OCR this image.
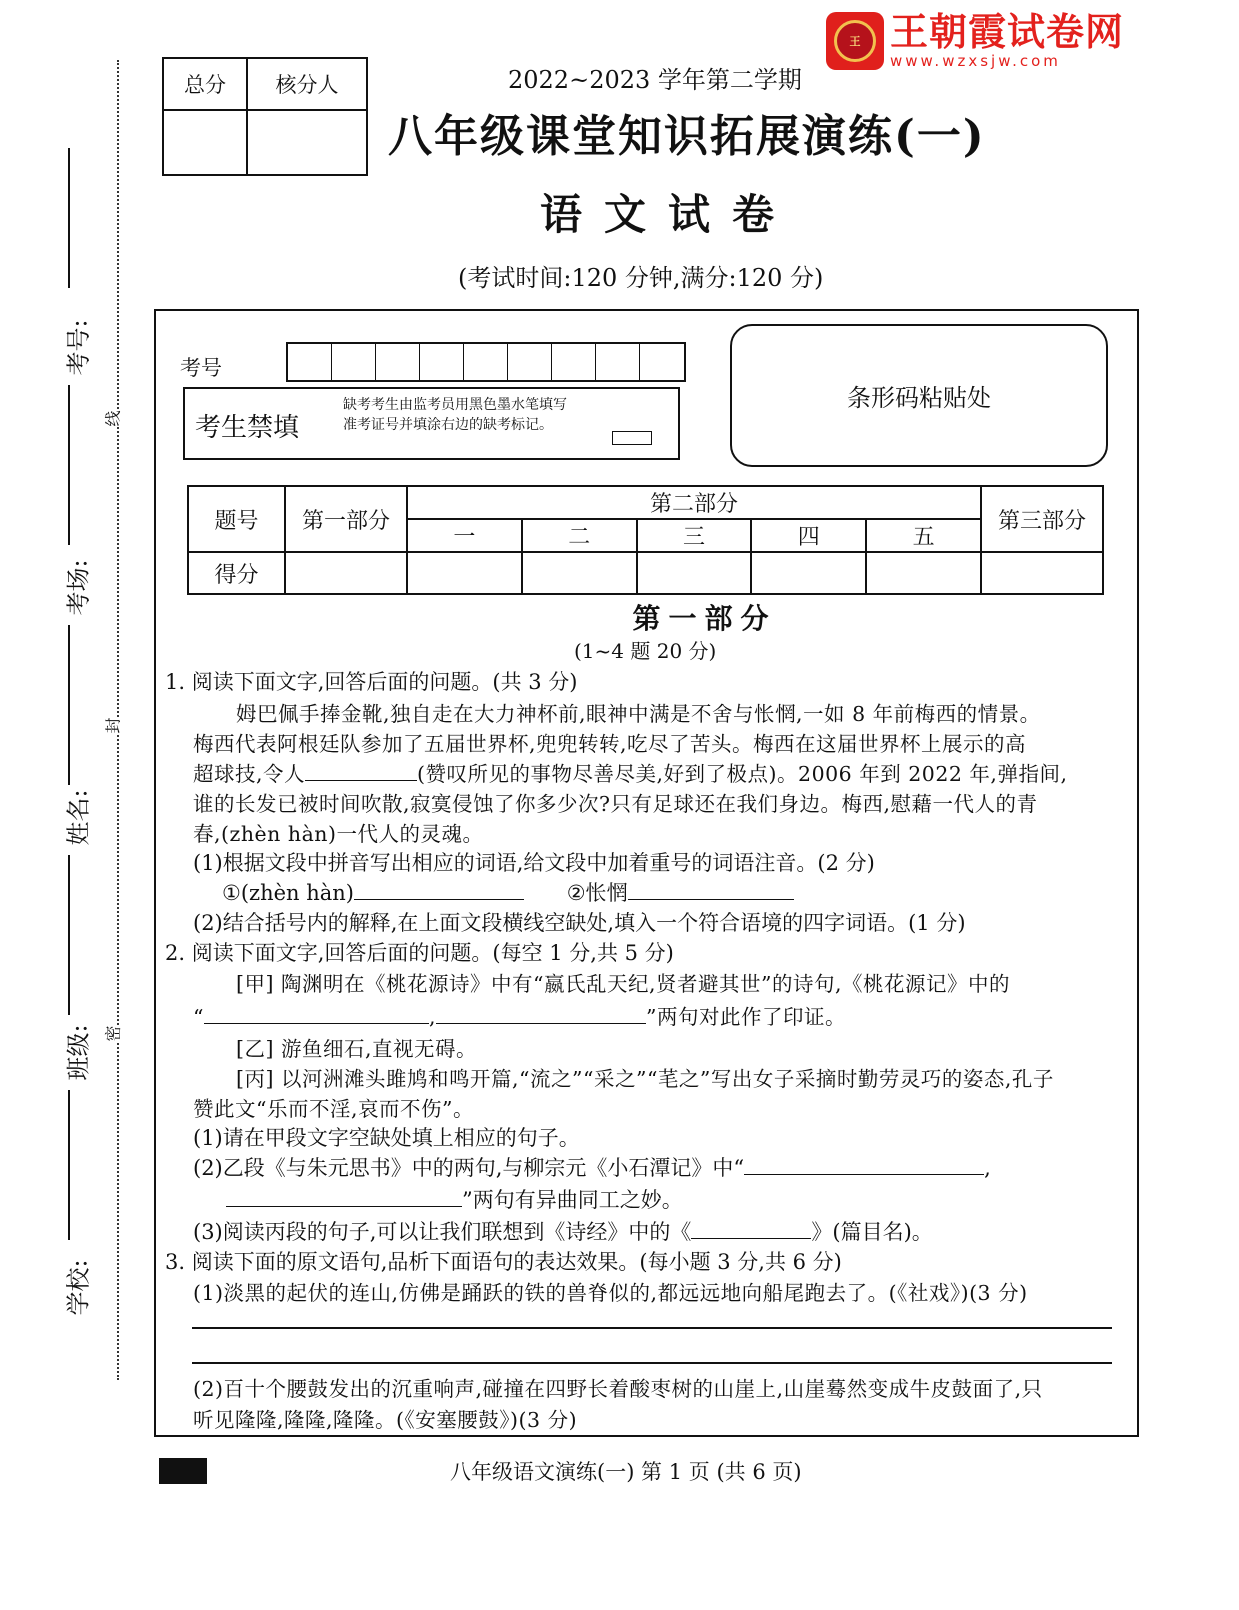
考号:
考场:
姓名:
班级:
学校:
线
封
密
王 王朝霞试卷网
www.wzxsjw.com
总分	核分人	2022~2023 学年第二学期
八年级课堂知识拓展演练(一)
语文试卷
(考试时间:120 分钟,满分:120 分)
考号
考生禁填
缺考考生由监考员用黑色墨水笔填写准考证号并填涂右边的缺考标记。
条形码粘贴处
题号	第一部分	第二部分					第三部分
		一	二	三	四	五	
得分							
第一部分
(1~4 题 20 分)
1. 阅读下面文字,回答后面的问题。(共 3 分)
姆巴佩手捧金靴,独自走在大力神杯前,眼神中满是不舍与怅惘,一如 8 年前梅西的情景。
梅西代表阿根廷队参加了五届世界杯,兜兜转转,吃尽了苦头。梅西在这届世界杯上展示的高
超球技,令人	(赞叹所见的事物尽善尽美,好到了极点)。2006 年到 2022 年,弹指间,
谁的长发已被时间吹散,寂寞侵蚀了你多少次?只有足球还在我们身边。梅西,慰藉一代人的青
春,(zhèn hàn)一代人的灵魂。
(1)根据文段中拼音写出相应的词语,给文段中加着重号的词语注音。(2 分)
①(zhèn hàn)	②怅惘
(2)结合括号内的解释,在上面文段横线空缺处,填入一个符合语境的四字词语。(1 分)
2. 阅读下面文字,回答后面的问题。(每空 1 分,共 5 分)
[甲] 陶渊明在《桃花源诗》中有“嬴氏乱天纪,贤者避其世”的诗句,《桃花源记》中的
“	,	”两句对此作了印证。
[乙] 游鱼细石,直视无碍。
[丙] 以河洲滩头雎鸠和鸣开篇,“流之”“采之”“芼之”写出女子采摘时勤劳灵巧的姿态,孔子
赞此文“乐而不淫,哀而不伤”。
(1)请在甲段文字空缺处填上相应的句子。
(2)乙段《与朱元思书》中的两句,与柳宗元《小石潭记》中“	,
”两句有异曲同工之妙。
(3)阅读丙段的句子,可以让我们联想到《诗经》中的《	》(篇目名)。
3. 阅读下面的原文语句,品析下面语句的表达效果。(每小题 3 分,共 6 分)
(1)淡黑的起伏的连山,仿佛是踊跃的铁的兽脊似的,都远远地向船尾跑去了。(《社戏》)(3 分)
(2)百十个腰鼓发出的沉重响声,碰撞在四野长着酸枣树的山崖上,山崖蓦然变成牛皮鼓面了,只
听见隆隆,隆隆,隆隆。(《安塞腰鼓》)(3 分)
八年级语文演练(一) 第 1 页 (共 6 页)
